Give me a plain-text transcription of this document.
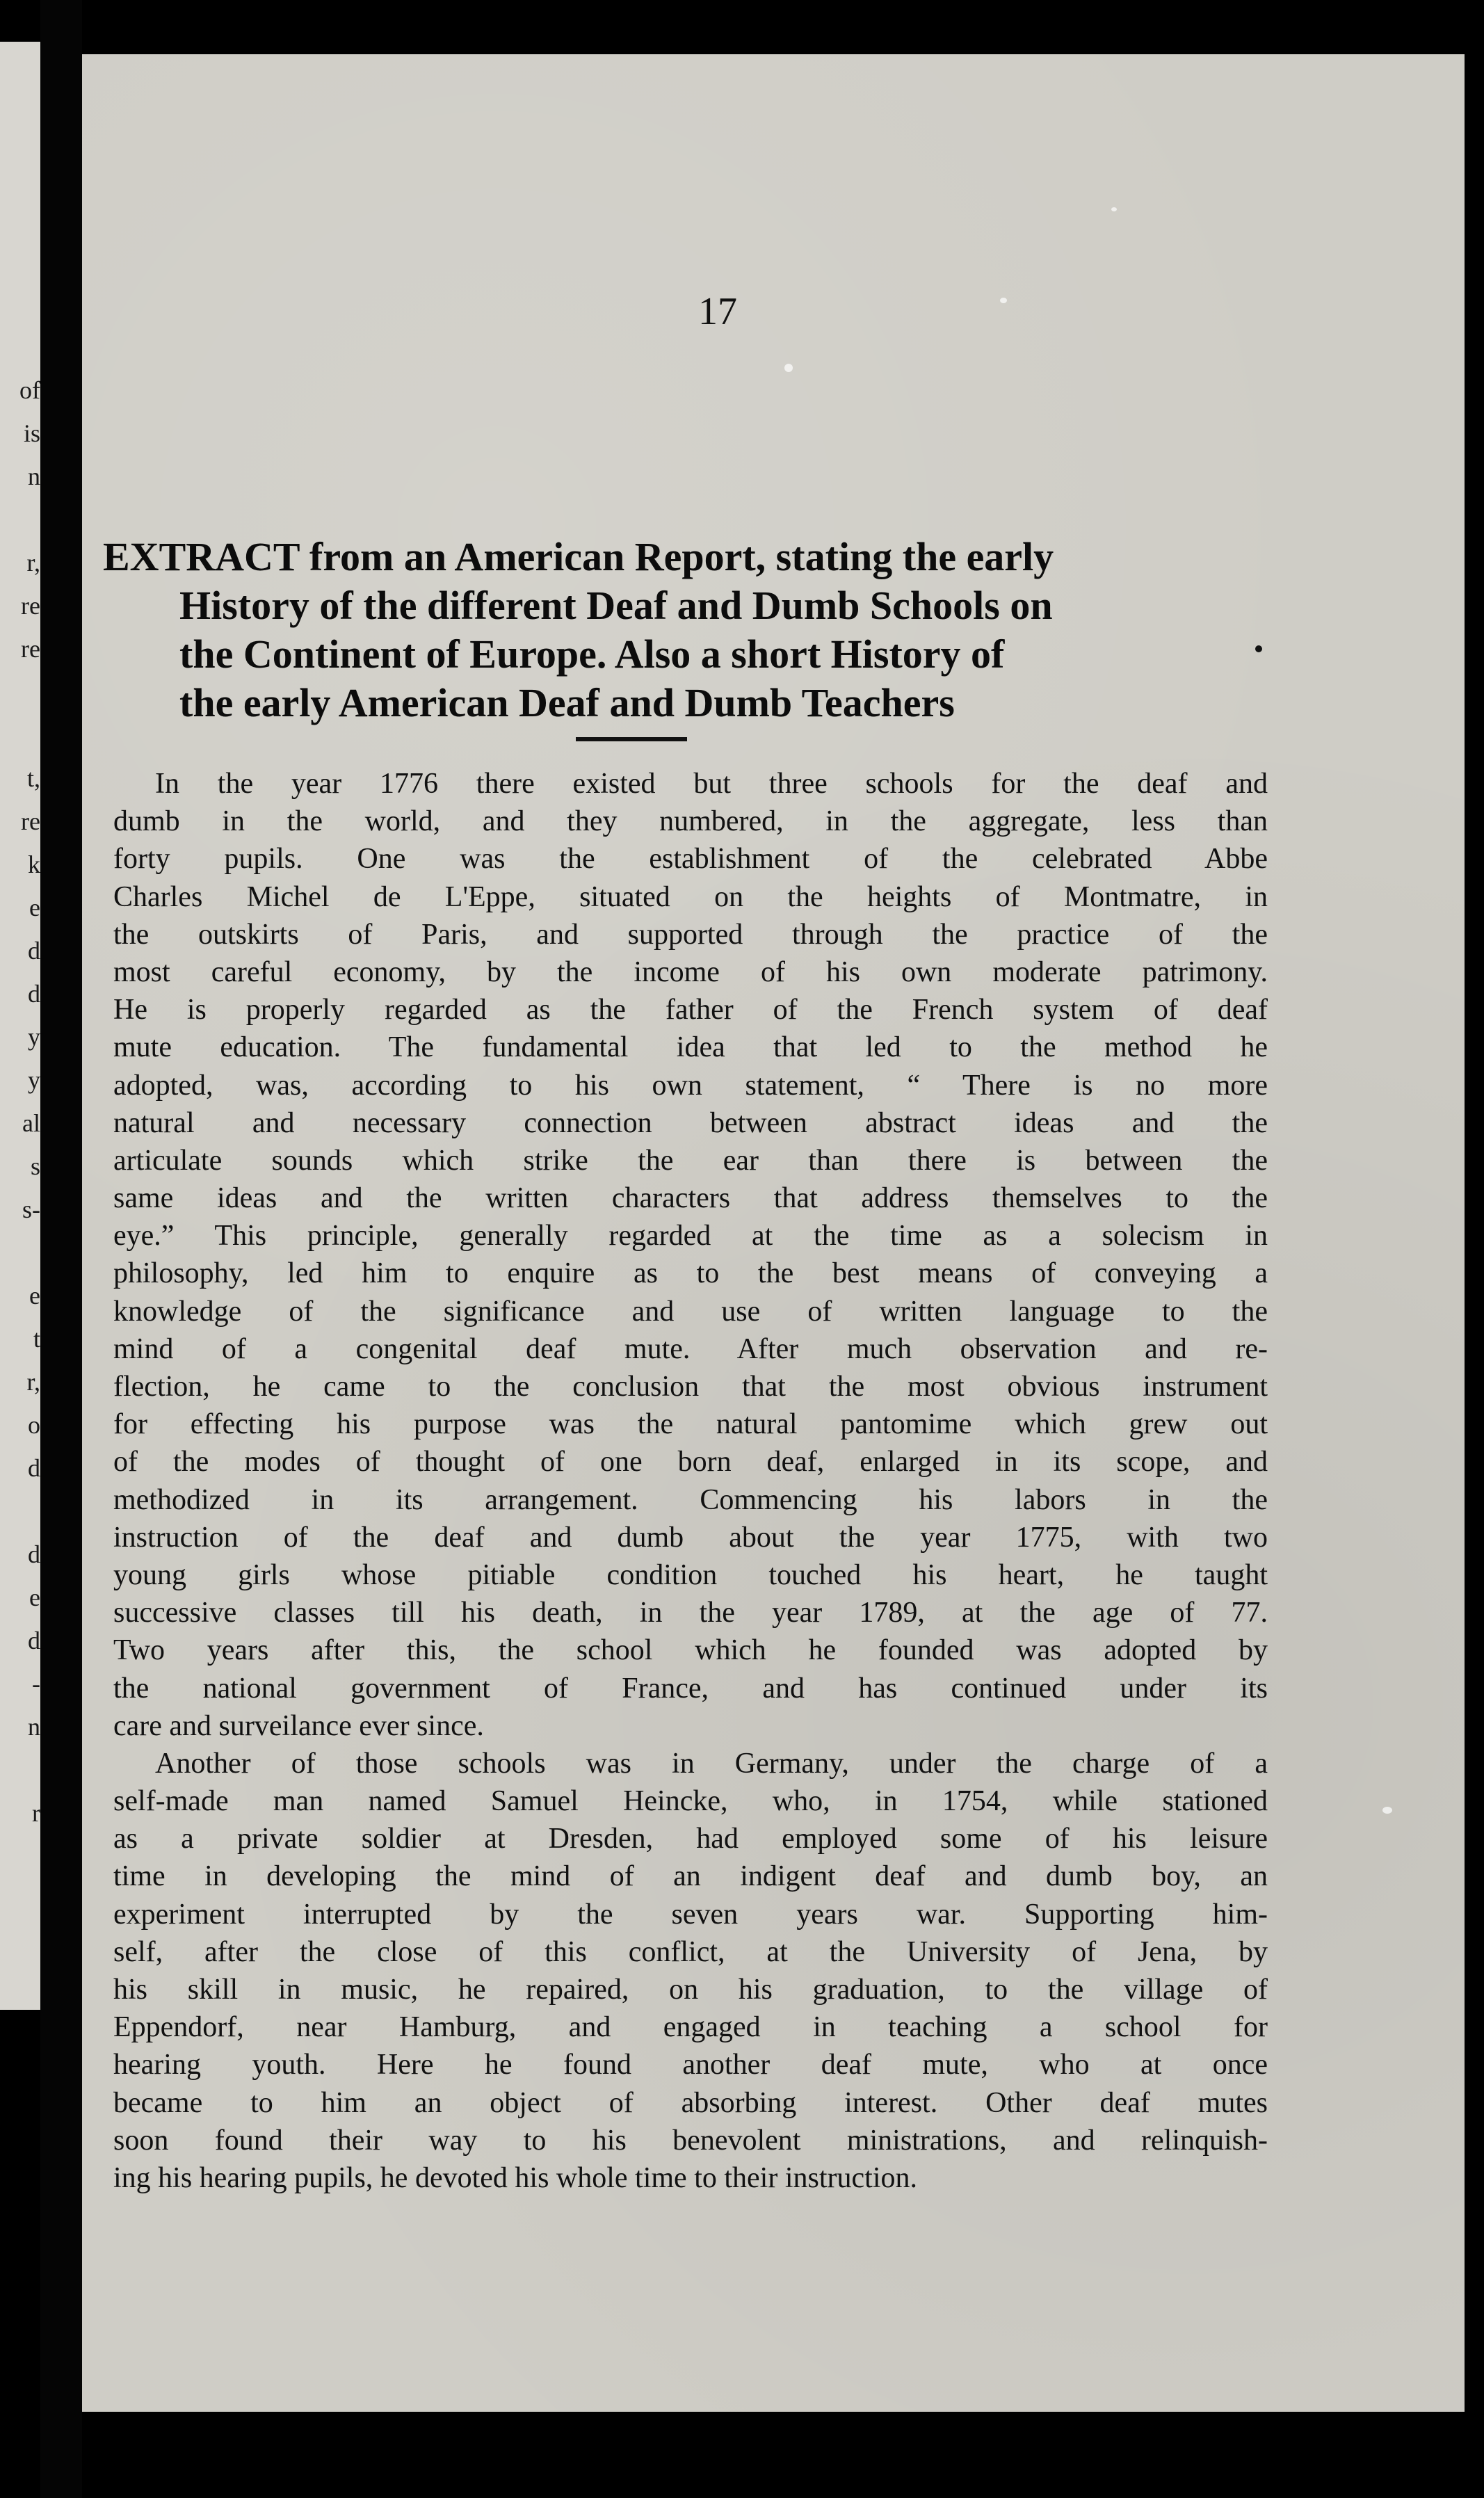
of
is
n
r,
re
re
t,
re
k
e
d
d
y
y
al
s
s-
e
t
r,
o
d
d
e
d
-
n
r
17
EXTRACT from an American Report, stating the early
History of the different Deaf and Dumb Schools on
the Continent of Europe. Also a short History of
the early American Deaf and Dumb Teachers
In the year 1776 there existed but three schools for the deaf and
dumb in the world, and they numbered, in the aggregate, less than
forty pupils. One was the establishment of the celebrated Abbe
Charles Michel de L'Eppe, situated on the heights of Montmatre, in
the outskirts of Paris, and supported through the practice of the
most careful economy, by the income of his own moderate patrimony.
He is properly regarded as the father of the French system of deaf
mute education. The fundamental idea that led to the method he
adopted, was, according to his own statement, “ There is no more
natural and necessary connection between abstract ideas and the
articulate sounds which strike the ear than there is between the
same ideas and the written characters that address themselves to the
eye.” This principle, generally regarded at the time as a solecism in
philosophy, led him to enquire as to the best means of conveying a
knowledge of the significance and use of written language to the
mind of a congenital deaf mute. After much observation and re-
flection, he came to the conclusion that the most obvious instrument
for effecting his purpose was the natural pantomime which grew out
of the modes of thought of one born deaf, enlarged in its scope, and
methodized in its arrangement. Commencing his labors in the
instruction of the deaf and dumb about the year 1775, with two
young girls whose pitiable condition touched his heart, he taught
successive classes till his death, in the year 1789, at the age of 77.
Two years after this, the school which he founded was adopted by
the national government of France, and has continued under its
care and surveilance ever since.
Another of those schools was in Germany, under the charge of a
self-made man named Samuel Heincke, who, in 1754, while stationed
as a private soldier at Dresden, had employed some of his leisure
time in developing the mind of an indigent deaf and dumb boy, an
experiment interrupted by the seven years war. Supporting him-
self, after the close of this conflict, at the University of Jena, by
his skill in music, he repaired, on his graduation, to the village of
Eppendorf, near Hamburg, and engaged in teaching a school for
hearing youth. Here he found another deaf mute, who at once
became to him an object of absorbing interest. Other deaf mutes
soon found their way to his benevolent ministrations, and relinquish-
ing his hearing pupils, he devoted his whole time to their instruction.
